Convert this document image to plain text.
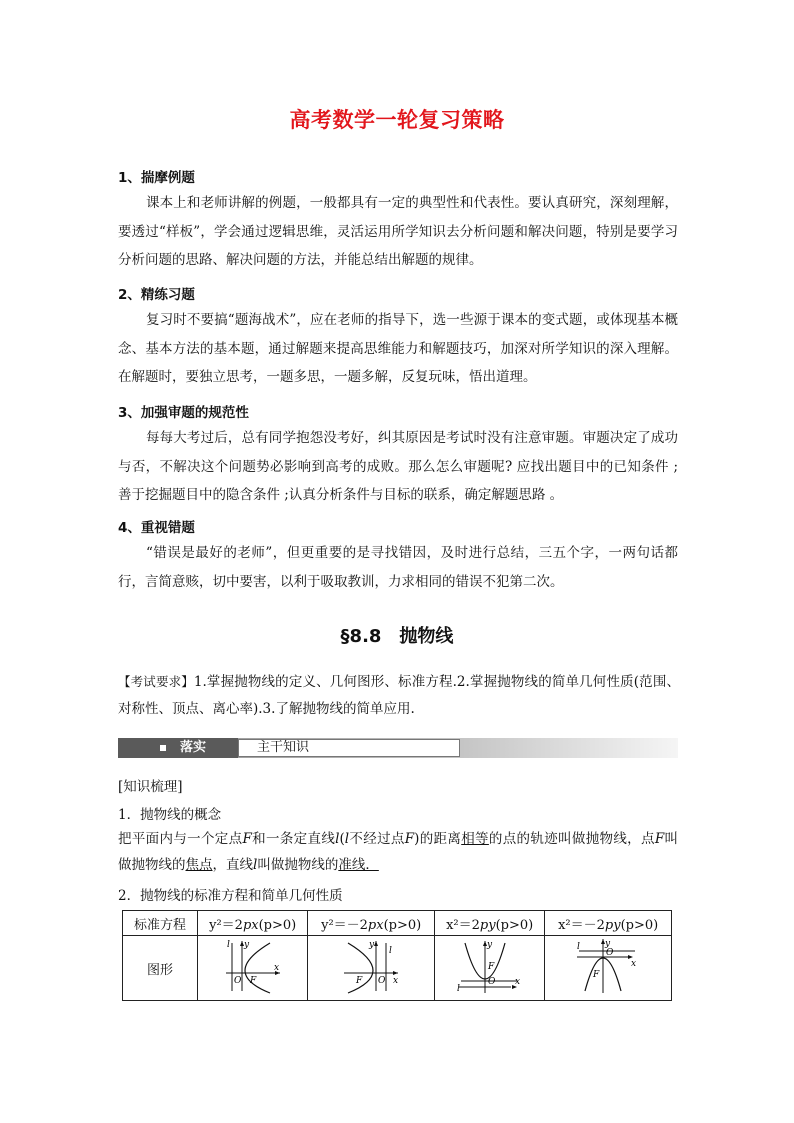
高考数学一轮复习策略
1、揣摩例题
课本上和老师讲解的例题，一般都具有一定的典型性和代表性。要认真研究，深刻理解，要透过“样板”，学会通过逻辑思维，灵活运用所学知识去分析问题和解决问题，特别是要学习分析问题的思路、解决问题的方法，并能总结出解题的规律。
2、精练习题
复习时不要搞“题海战术”，应在老师的指导下，选一些源于课本的变式题，或体现基本概念、基本方法的基本题，通过解题来提高思维能力和解题技巧，加深对所学知识的深入理解。在解题时，要独立思考，一题多思，一题多解，反复玩味，悟出道理。
3、加强审题的规范性
每每大考过后，总有同学抱怨没考好，纠其原因是考试时没有注意审题。审题决定了成功与否，不解决这个问题势必影响到高考的成败。那么怎么审题呢? 应找出题目中的已知条件 ;善于挖掘题目中的隐含条件 ;认真分析条件与目标的联系，确定解题思路 。
4、重视错题
“错误是最好的老师”，但更重要的是寻找错因，及时进行总结，三五个字，一两句话都行，言简意赅，切中要害，以利于吸取教训，力求相同的错误不犯第二次。
§8.8　抛物线
【考试要求】1.掌握抛物线的定义、几何图形、标准方程.2.掌握抛物线的简单几何性质(范围、对称性、顶点、离心率).3.了解抛物线的简单应用.
落实	主干知识
[知识梳理]
1．抛物线的概念
把平面内与一个定点F和一条定直线l(l不经过点F)的距离相等的点的轨迹叫做抛物线，点F叫做抛物线的焦点，直线l叫做抛物线的准线．
2．抛物线的标准方程和简单几何性质
标准方程	y²＝2px(p>0)	y²＝－2px(p>0)	x²＝2py(p>0)	x²＝－2py(p>0)
图形	l y
O F
x	l
y
F O x	y
F
l
O x	l y
O
x
F
